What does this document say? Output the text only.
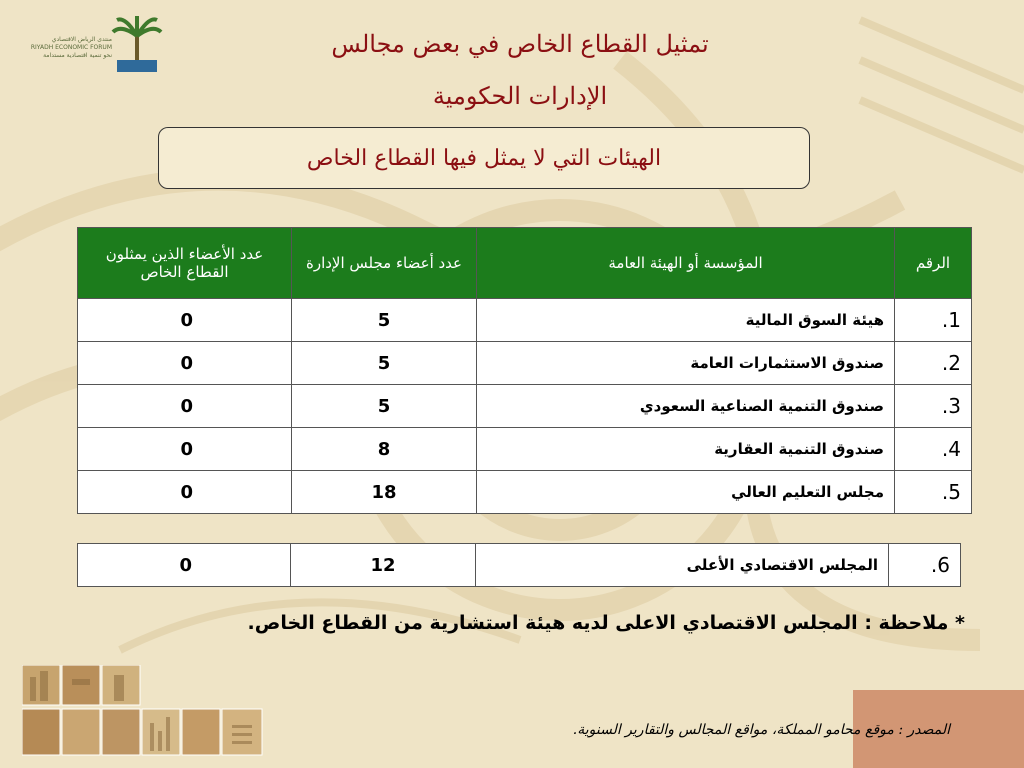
منتدى الرياض الاقتصادي
RIYADH ECONOMIC FORUM
نحو تنمية اقتصادية مستدامة	تمثيل القطاع الخاص في بعض مجالس
الإدارات الحكومية
الهيئات التي لا يمثل فيها القطاع الخاص
الرقم	المؤسسة أو الهيئة العامة	عدد أعضاء مجلس الإدارة	عدد الأعضاء الذين يمثلون القطاع الخاص
1.	هيئة السوق المالية	5	0
2.	صندوق الاستثمارات العامة	5	0
3.	صندوق التنمية الصناعية السعودي	5	0
4.	صندوق التنمية العقارية	8	0
5.	مجلس التعليم العالي	18	0
6.	المجلس الاقتصادي الأعلى	12	0
* ملاحظة : المجلس الاقتصادي الاعلى لديه هيئة استشارية من القطاع الخاص.
المصدر : موقع محامو المملكة، مواقع المجالس والتقارير السنوية.
